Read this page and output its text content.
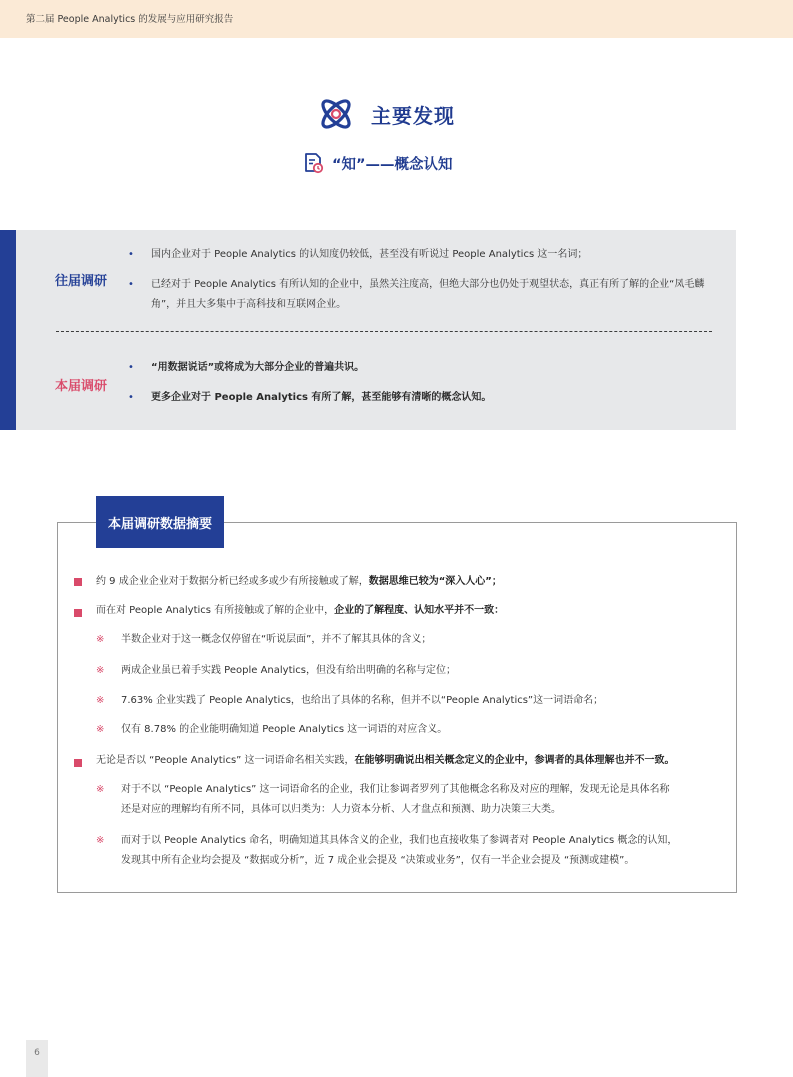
第二届 People Analytics 的发展与应用研究报告
主要发现
“知”——概念认知
往届调研
•	国内企业对于 People Analytics 的认知度仍较低，甚至没有听说过 People Analytics 这一名词；
•	已经对于 People Analytics 有所认知的企业中，虽然关注度高，但绝大部分也仍处于观望状态，真正有所了解的企业“凤毛麟角”，并且大多集中于高科技和互联网企业。
本届调研
•	“用数据说话”或将成为大部分企业的普遍共识。
•	更多企业对于 People Analytics 有所了解，甚至能够有清晰的概念认知。
本届调研数据摘要
约 9 成企业企业对于数据分析已经或多或少有所接触或了解，数据思维已较为“深入人心”；
而在对 People Analytics 有所接触或了解的企业中，企业的了解程度、认知水平并不一致：
※ 半数企业对于这一概念仅停留在“听说层面”，并不了解其具体的含义；
※ 两成企业虽已着手实践 People Analytics，但没有给出明确的名称与定位；
※ 7.63% 企业实践了 People Analytics，也给出了具体的名称，但并不以“People Analytics”这一词语命名；
※ 仅有 8.78% 的企业能明确知道 People Analytics 这一词语的对应含义。
无论是否以 “People Analytics” 这一词语命名相关实践，在能够明确说出相关概念定义的企业中，参调者的具体理解也并不一致。
※ 对于不以 “People Analytics” 这一词语命名的企业，我们让参调者罗列了其他概念名称及对应的理解，发现无论是具体名称
还是对应的理解均有所不同，具体可以归类为：人力资本分析、人才盘点和预测、助力决策三大类。
※ 而对于以 People Analytics 命名，明确知道其具体含义的企业，我们也直接收集了参调者对 People Analytics 概念的认知，
发现其中所有企业均会提及 “数据或分析”，近 7 成企业会提及 “决策或业务”，仅有一半企业会提及 “预测或建模”。
6
